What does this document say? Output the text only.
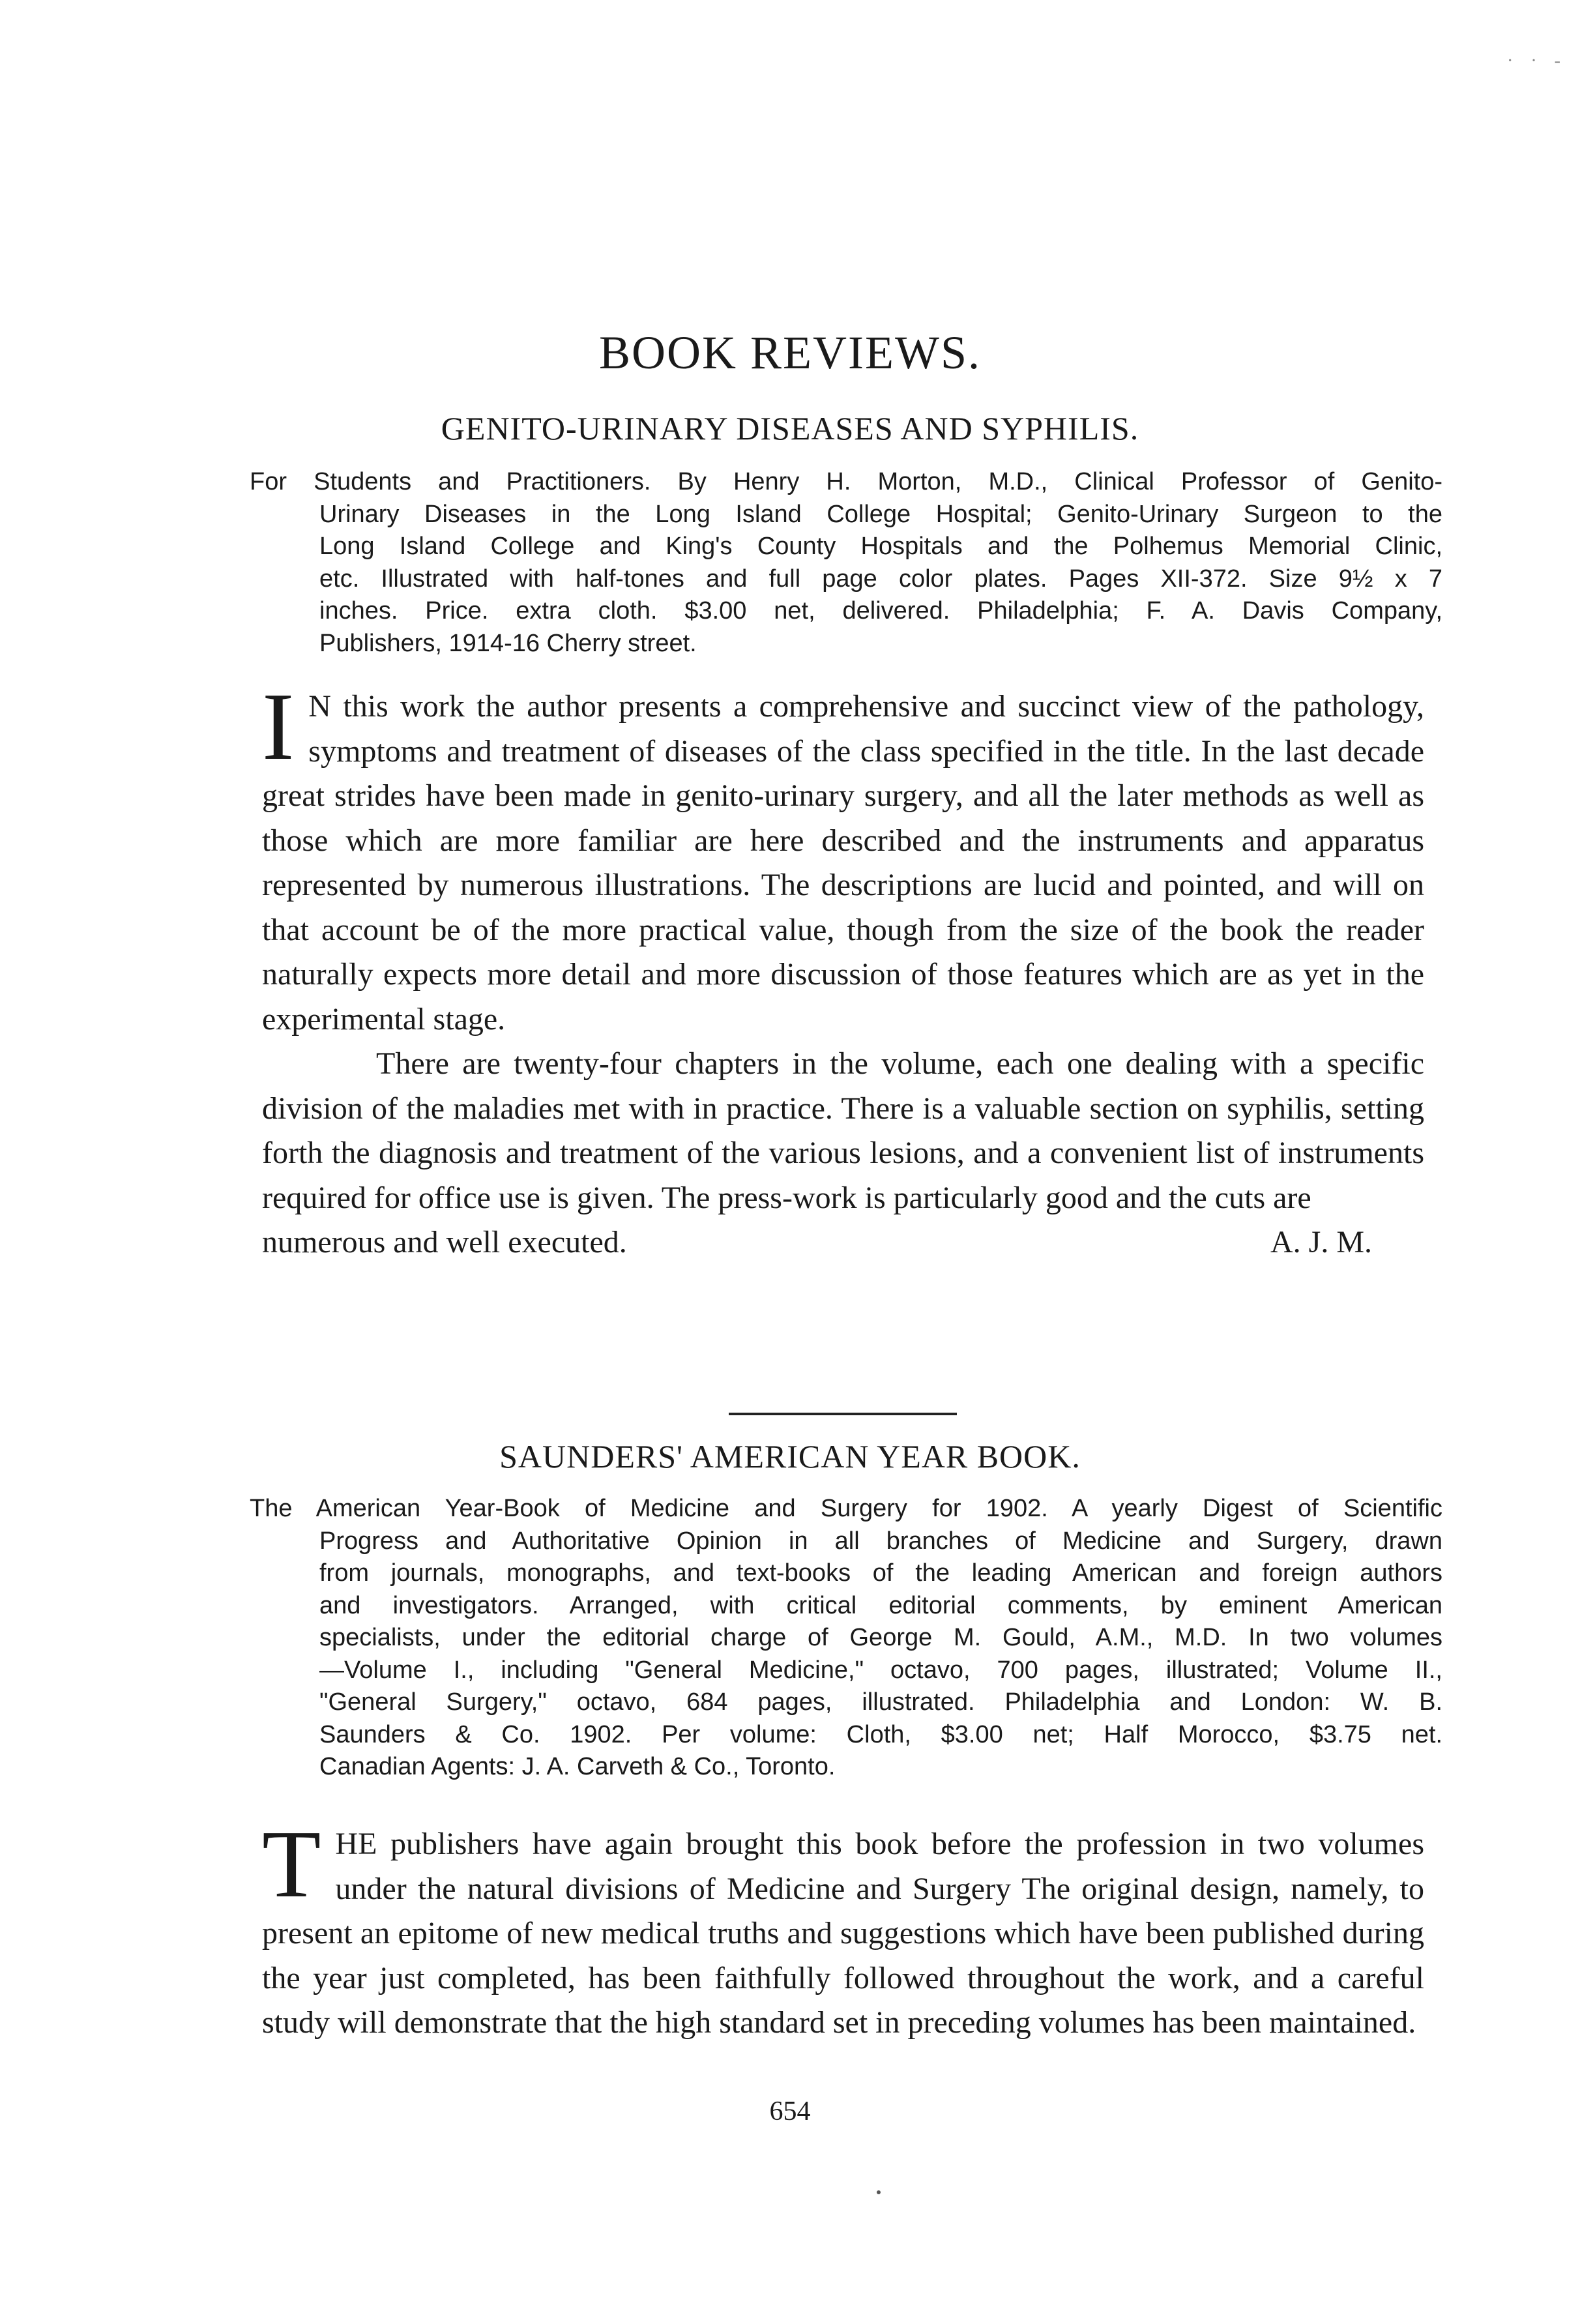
· · -
BOOK REVIEWS.
GENITO-URINARY DISEASES AND SYPHILIS.
For Students and Practitioners. By Henry H. Morton, M.D., Clinical Professor of Genito-
Urinary Diseases in the Long Island College Hospital; Genito-Urinary Surgeon to the
Long Island College and King's County Hospitals and the Polhemus Memorial Clinic,
etc. Illustrated with half-tones and full page color plates. Pages XII-372. Size 9½ x 7
inches. Price. extra cloth. $3.00 net, delivered. Philadelphia; F. A. Davis Company,
Publishers, 1914-16 Cherry street.

I N this work the author presents a comprehensive and succinct view of the pathology, symptoms and treatment of diseases of the class specified in the title. In the last decade great strides have been made in genito-urinary surgery, and all the later methods as well as those which are more familiar are here described and the instruments and apparatus represented by numerous illustrations. The descriptions are lucid and pointed, and will on that account be of the more practical value, though from the size of the book the reader naturally expects more detail and more discussion of those features which are as yet in the experimental stage.

There are twenty-four chapters in the volume, each one dealing with a specific division of the maladies met with in practice. There is a valuable section on syphilis, setting forth the diagnosis and treatment of the various lesions, and a convenient list of instruments required for office use is given. The press-work is particularly good and the cuts are

numerous and well executed.	A. J. M.
SAUNDERS' AMERICAN YEAR BOOK.
The American Year-Book of Medicine and Surgery for 1902. A yearly Digest of Scientific
Progress and Authoritative Opinion in all branches of Medicine and Surgery, drawn
from journals, monographs, and text-books of the leading American and foreign authors
and investigators. Arranged, with critical editorial comments, by eminent American
specialists, under the editorial charge of George M. Gould, A.M., M.D. In two volumes
—Volume I., including "General Medicine," octavo, 700 pages, illustrated; Volume II.,
"General Surgery," octavo, 684 pages, illustrated. Philadelphia and London: W. B.
Saunders & Co. 1902. Per volume: Cloth, $3.00 net; Half Morocco, $3.75 net.
Canadian Agents: J. A. Carveth & Co., Toronto.

THE publishers have again brought this book before the profession in two volumes under the natural divisions of Medicine and Surgery The original design, namely, to present an epitome of new medical truths and suggestions which have been published during the year just completed, has been faithfully followed throughout the work, and a careful study will demonstrate that the high standard set in preceding volumes has been maintained.

654
